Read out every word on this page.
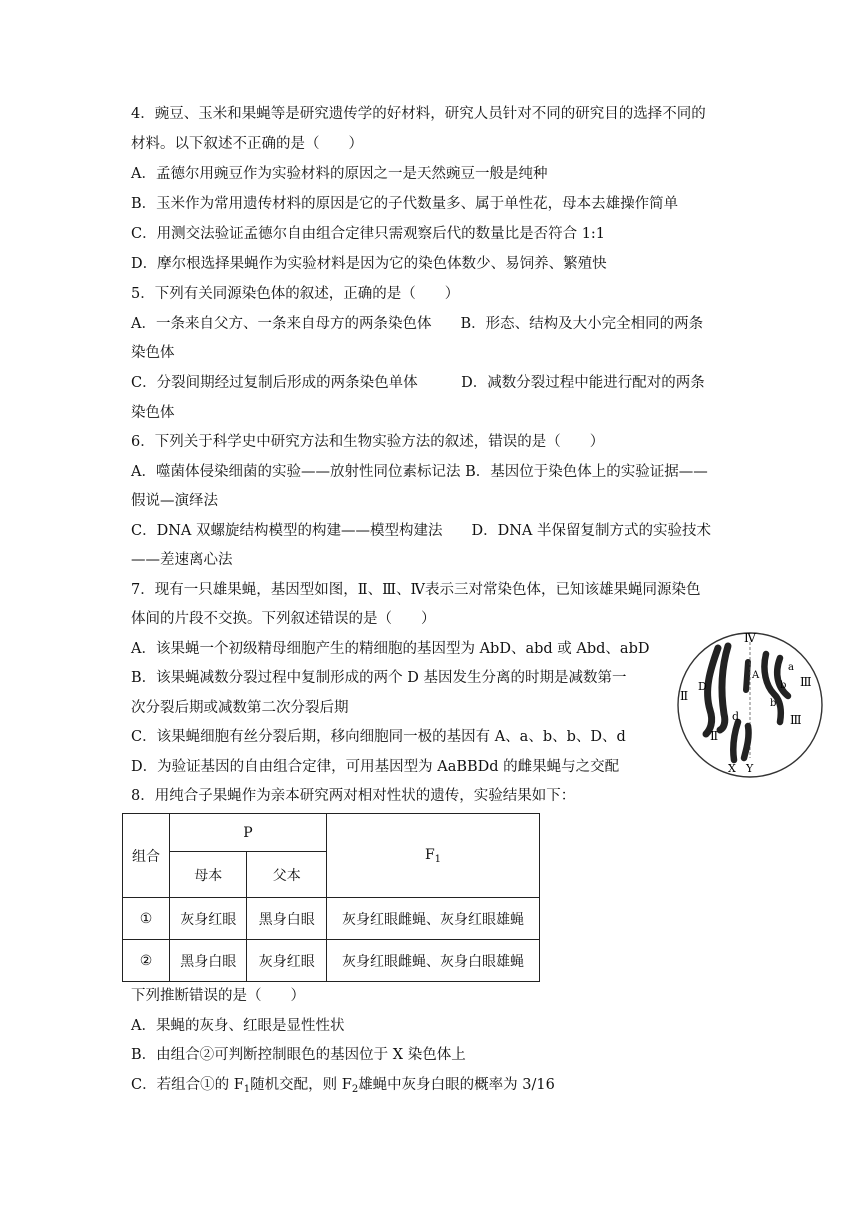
4．豌豆、玉米和果蝇等是研究遗传学的好材料，研究人员针对不同的研究目的选择不同的
材料。以下叙述不正确的是（　　）
A．孟德尔用豌豆作为实验材料的原因之一是天然豌豆一般是纯种
B．玉米作为常用遗传材料的原因是它的子代数量多、属于单性花，母本去雄操作简单
C．用测交法验证孟德尔自由组合定律只需观察后代的数量比是否符合 1:1
D．摩尔根选择果蝇作为实验材料是因为它的染色体数少、易饲养、繁殖快
5．下列有关同源染色体的叙述，正确的是（　　）
A．一条来自父方、一条来自母方的两条染色体　　B．形态、结构及大小完全相同的两条
染色体
C．分裂间期经过复制后形成的两条染色单体　　　D．减数分裂过程中能进行配对的两条
染色体
6．下列关于科学史中研究方法和生物实验方法的叙述，错误的是（　　）
A．噬菌体侵染细菌的实验——放射性同位素标记法 B．基因位于染色体上的实验证据——
假说—演绎法
C．DNA 双螺旋结构模型的构建——模型构建法　　D．DNA 半保留复制方式的实验技术
——差速离心法
7．现有一只雄果蝇，基因型如图，Ⅱ、Ⅲ、Ⅳ表示三对常染色体，已知该雄果蝇同源染色
体间的片段不交换。下列叙述错误的是（　　）
A．该果蝇一个初级精母细胞产生的精细胞的基因型为 AbD、abd 或 Abd、abD
B．该果蝇减数分裂过程中复制形成的两个 D 基因发生分离的时期是减数第一
次分裂后期或减数第二次分裂后期
C．该果蝇细胞有丝分裂后期，移向细胞同一极的基因有 A、a、b、b、D、d
D．为验证基因的自由组合定律，可用基因型为 AaBBDd 的雌果蝇与之交配
Ⅳ
Ⅱ
D
d
A
a
b
b
Ⅲ
Ⅲ
Ⅱ
X Y
8．用纯合子果蝇作为亲本研究两对相对性状的遗传，实验结果如下：
组合	P		$F_1$
	母本	父本	
①	灰身红眼	黑身白眼	灰身红眼雌蝇、灰身红眼雄蝇
②	黑身白眼	灰身红眼	灰身红眼雌蝇、灰身白眼雄蝇
下列推断错误的是（　　）
A．果蝇的灰身、红眼是显性性状
B．由组合②可判断控制眼色的基因位于 X 染色体上
C．若组合①的 $F_1$随机交配，则 $F_2$雄蝇中灰身白眼的概率为 3/16
